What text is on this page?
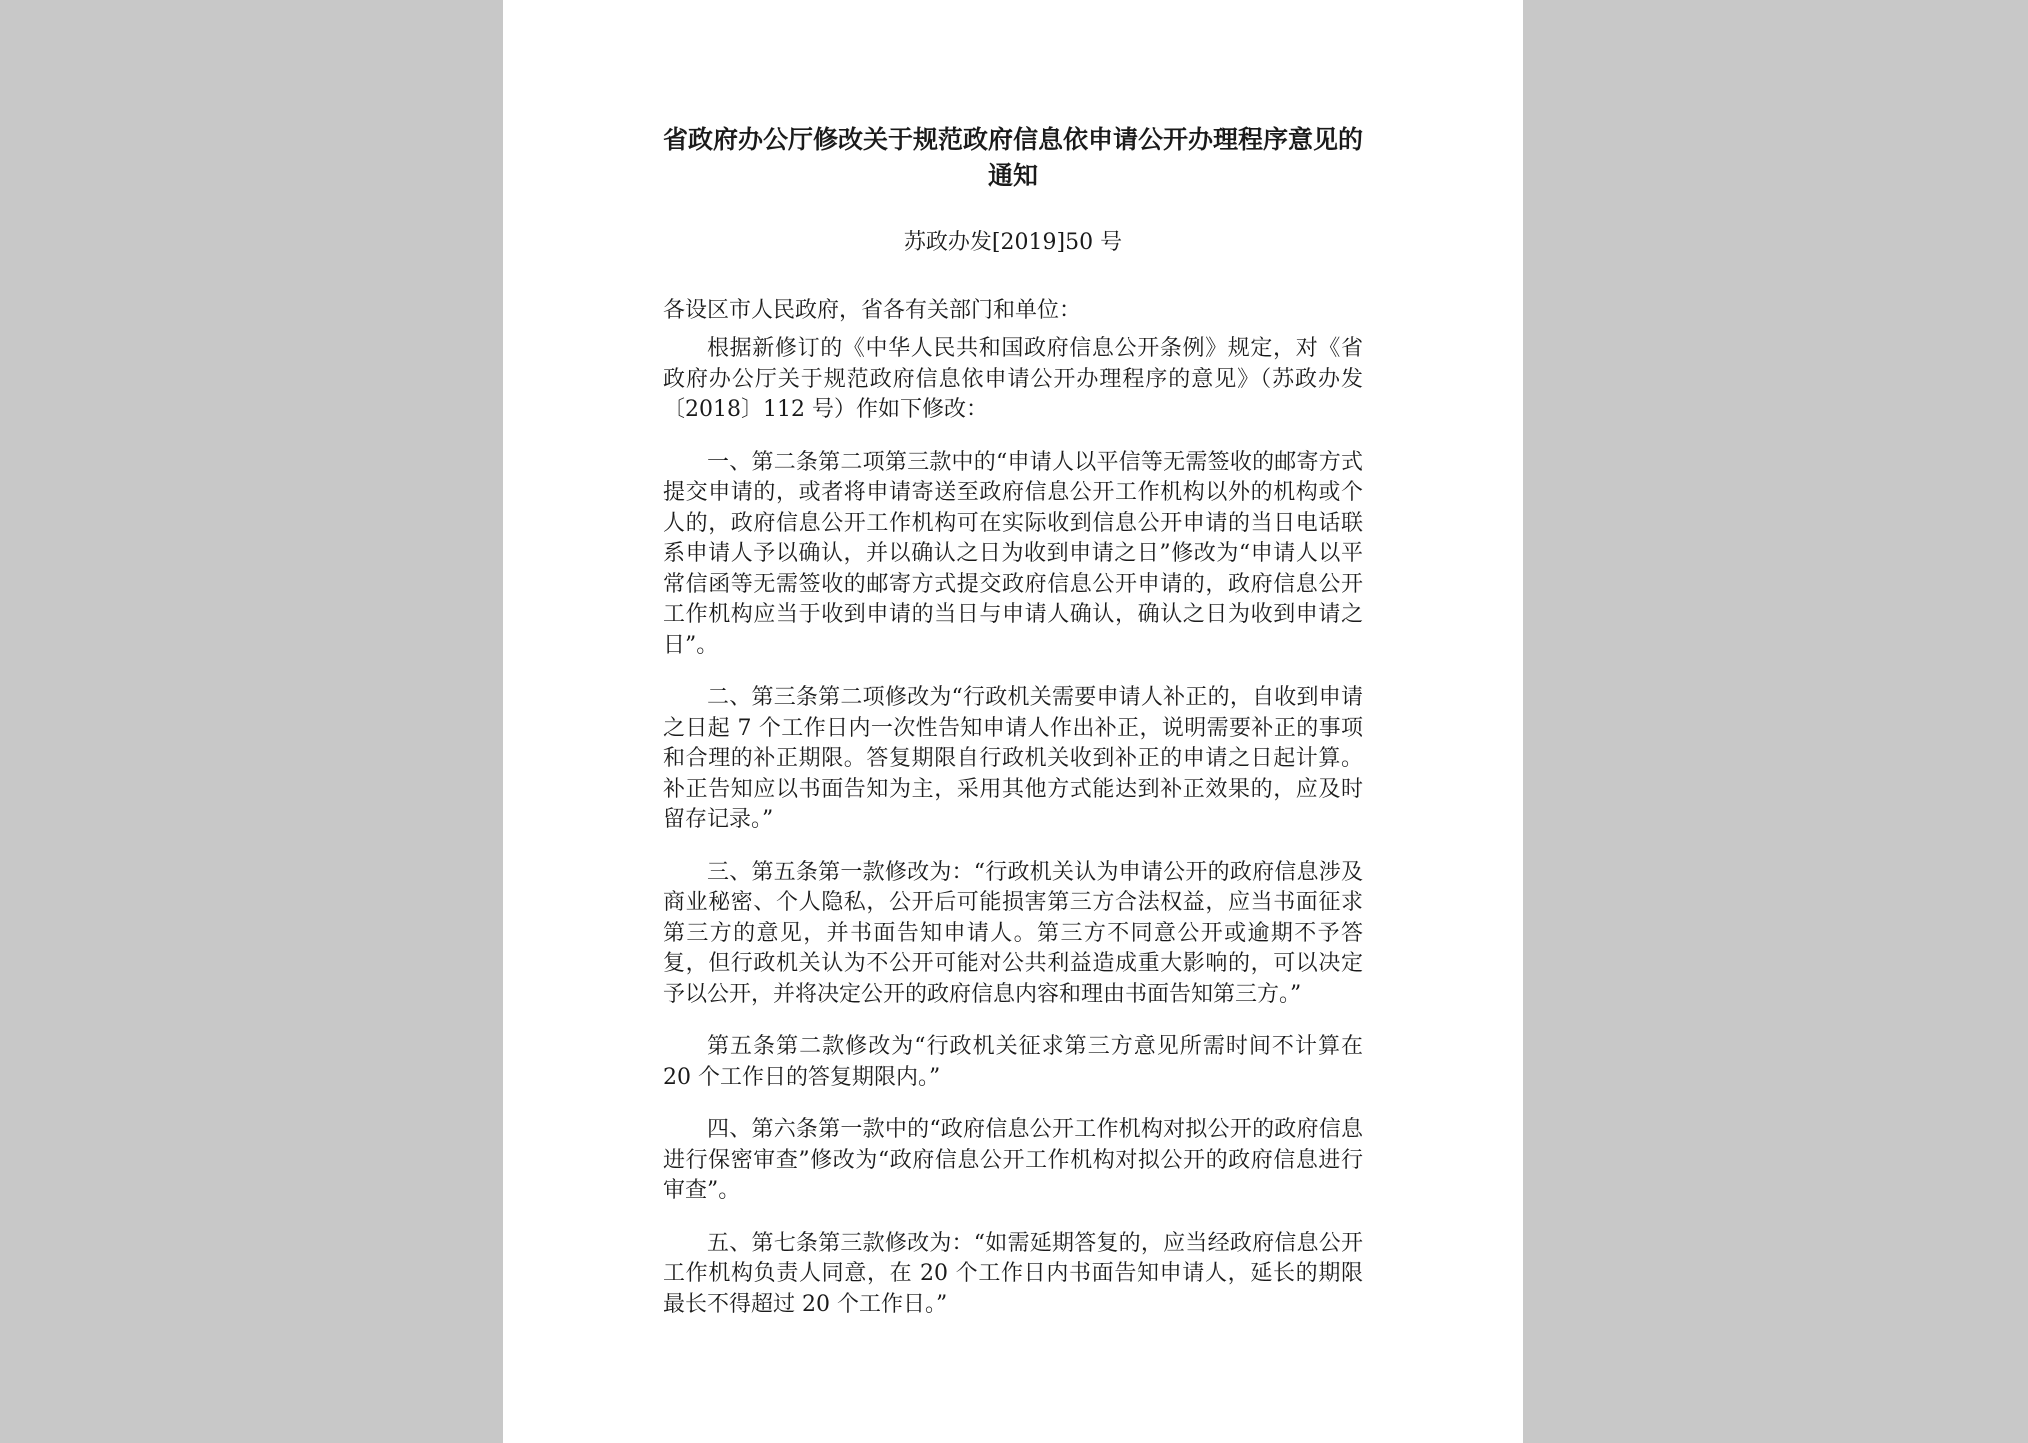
省政府办公厅修改关于规范政府信息依申请公开办理程序意见的通知
苏政办发[2019]50 号
各设区市人民政府，省各有关部门和单位：

根据新修订的《中华人民共和国政府信息公开条例》规定，对《省政府办公厅关于规范政府信息依申请公开办理程序的意见》（苏政办发〔2018〕112 号）作如下修改：

一、第二条第二项第三款中的“申请人以平信等无需签收的邮寄方式提交申请的，或者将申请寄送至政府信息公开工作机构以外的机构或个人的，政府信息公开工作机构可在实际收到信息公开申请的当日电话联系申请人予以确认，并以确认之日为收到申请之日”修改为“申请人以平常信函等无需签收的邮寄方式提交政府信息公开申请的，政府信息公开工作机构应当于收到申请的当日与申请人确认，确认之日为收到申请之日”。

二、第三条第二项修改为“行政机关需要申请人补正的，自收到申请之日起 7 个工作日内一次性告知申请人作出补正，说明需要补正的事项和合理的补正期限。答复期限自行政机关收到补正的申请之日起计算。补正告知应以书面告知为主，采用其他方式能达到补正效果的，应及时留存记录。”

三、第五条第一款修改为：“行政机关认为申请公开的政府信息涉及商业秘密、个人隐私，公开后可能损害第三方合法权益，应当书面征求第三方的意见，并书面告知申请人。第三方不同意公开或逾期不予答复，但行政机关认为不公开可能对公共利益造成重大影响的，可以决定予以公开，并将决定公开的政府信息内容和理由书面告知第三方。”

第五条第二款修改为“行政机关征求第三方意见所需时间不计算在 20 个工作日的答复期限内。”

四、第六条第一款中的“政府信息公开工作机构对拟公开的政府信息进行保密审查”修改为“政府信息公开工作机构对拟公开的政府信息进行审查”。

五、第七条第三款修改为：“如需延期答复的，应当经政府信息公开工作机构负责人同意，在 20 个工作日内书面告知申请人，延长的期限最长不得超过 20 个工作日。”
